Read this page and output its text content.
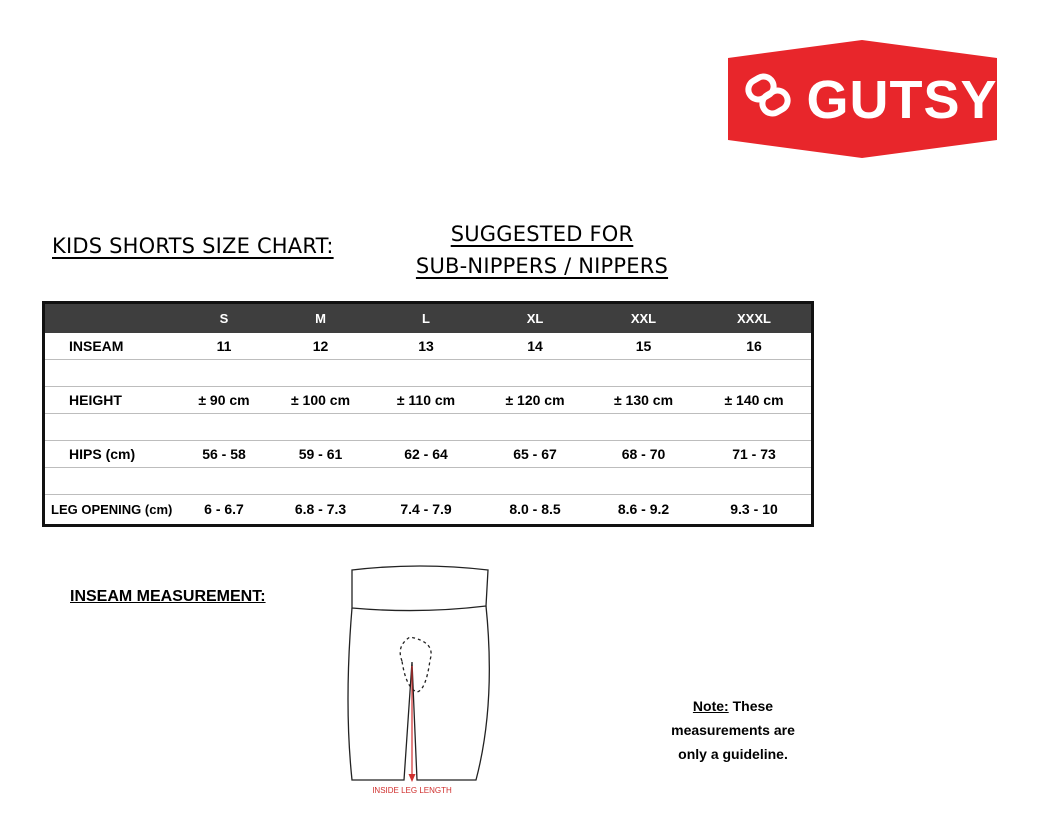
GUTSY
KIDS SHORTS SIZE CHART:	SUGGESTED FOR
SUB-NIPPERS / NIPPERS
	S	M	L	XL	XXL	XXXL
INSEAM	11	12	13	14	15	16

HEIGHT	± 90 cm	± 100 cm	± 110 cm	± 120 cm	± 130 cm	± 140 cm

HIPS (cm)	56 - 58	59 - 61	62 - 64	65 - 67	68 - 70	71 - 73

LEG OPENING (cm)	6 - 6.7	6.8 - 7.3	7.4 - 7.9	8.0 - 8.5	8.6 - 9.2	9.3 - 10
INSEAM MEASUREMENT:
INSIDE LEG LENGTH
Note: These
measurements are
only a guideline.
